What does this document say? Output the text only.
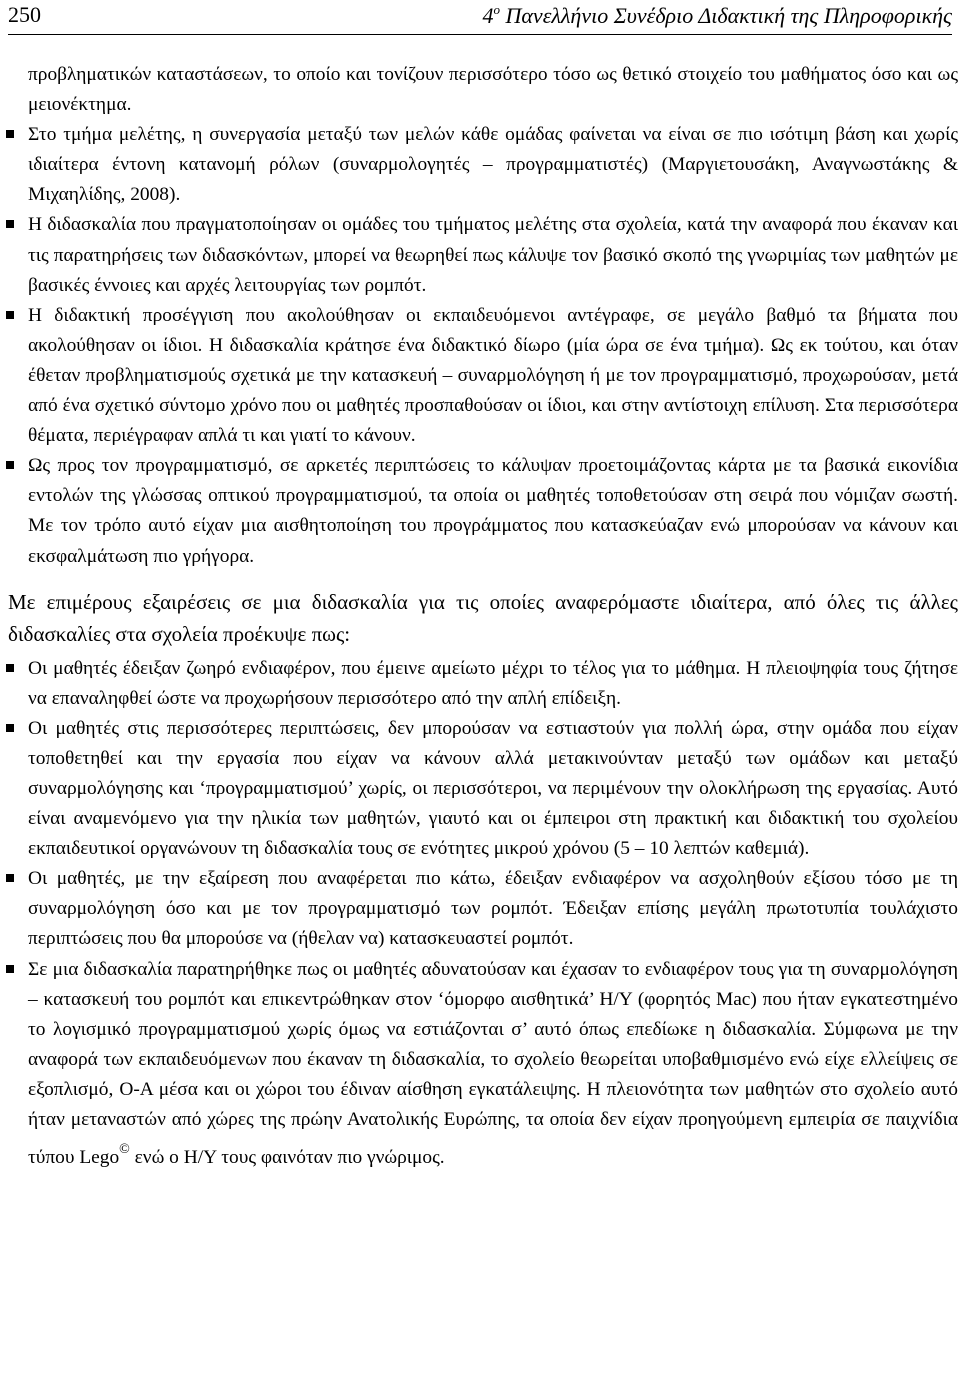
250	$4^o$ Πανελλήνιο Συνέδριο Διδακτική της Πληροφορικής

προβληματικών καταστάσεων, το οποίο και τονίζουν περισσότερο τόσο ως θετικό στοιχείο του μαθήματος όσο και ως μειονέκτημα.

Στο τμήμα μελέτης, η συνεργασία μεταξύ των μελών κάθε ομάδας φαίνεται να είναι σε πιο ισότιμη βάση και χωρίς ιδιαίτερα έντονη κατανομή ρόλων (συναρμολογητές – προγραμματιστές) (Μαργιετουσάκη, Αναγνωστάκης & Μιχαηλίδης, 2008).
Η διδασκαλία που πραγματοποίησαν οι ομάδες του τμήματος μελέτης στα σχολεία, κατά την αναφορά που έκαναν και τις παρατηρήσεις των διδασκόντων, μπορεί να θεωρηθεί πως κάλυψε τον βασικό σκοπό της γνωριμίας των μαθητών με βασικές έννοιες και αρχές λειτουργίας των ρομπότ.
Η διδακτική προσέγγιση που ακολούθησαν οι εκπαιδευόμενοι αντέγραφε, σε μεγάλο βαθμό τα βήματα που ακολούθησαν οι ίδιοι. Η διδασκαλία κράτησε ένα διδακτικό δίωρο (μία ώρα σε ένα τμήμα). Ως εκ τούτου, και όταν έθεταν προβληματισμούς σχετικά με την κατασκευή – συναρμολόγηση ή με τον προγραμματισμό, προχωρούσαν, μετά από ένα σχετικό σύντομο χρόνο που οι μαθητές προσπαθούσαν οι ίδιοι, και στην αντίστοιχη επίλυση. Στα περισσότερα θέματα, περιέγραφαν απλά τι και γιατί το κάνουν.
Ως προς τον προγραμματισμό, σε αρκετές περιπτώσεις το κάλυψαν προετοιμάζοντας κάρτα με τα βασικά εικονίδια εντολών της γλώσσας οπτικού προγραμματισμού, τα οποία οι μαθητές τοποθετούσαν στη σειρά που νόμιζαν σωστή. Με τον τρόπο αυτό είχαν μια αισθητοποίηση του προγράμματος που κατασκεύαζαν ενώ μπορούσαν να κάνουν και εκσφαλμάτωση πιο γρήγορα.

Με επιμέρους εξαιρέσεις σε μια διδασκαλία για τις οποίες αναφερόμαστε ιδιαίτερα, από όλες τις άλλες διδασκαλίες στα σχολεία προέκυψε πως:

Οι μαθητές έδειξαν ζωηρό ενδιαφέρον, που έμεινε αμείωτο μέχρι το τέλος για το μάθημα. Η πλειοψηφία τους ζήτησε να επαναληφθεί ώστε να προχωρήσουν περισσότερο από την απλή επίδειξη.
Οι μαθητές στις περισσότερες περιπτώσεις, δεν μπορούσαν να εστιαστούν για πολλή ώρα, στην ομάδα που είχαν τοποθετηθεί και την εργασία που είχαν να κάνουν αλλά μετακινούνταν μεταξύ των ομάδων και μεταξύ συναρμολόγησης και ‘προγραμματισμού’ χωρίς, οι περισσότεροι, να περιμένουν την ολοκλήρωση της εργασίας. Αυτό είναι αναμενόμενο για την ηλικία των μαθητών, γιαυτό και οι έμπειροι στη πρακτική και διδακτική του σχολείου εκπαιδευτικοί οργανώνουν τη διδασκαλία τους σε ενότητες μικρού χρόνου (5 – 10 λεπτών καθεμιά).
Οι μαθητές, με την εξαίρεση που αναφέρεται πιο κάτω, έδειξαν ενδιαφέρον να ασχοληθούν εξίσου τόσο με τη συναρμολόγηση όσο και με τον προγραμματισμό των ρομπότ. Έδειξαν επίσης μεγάλη πρωτοτυπία τουλάχιστο περιπτώσεις που θα μπορούσε να (ήθελαν να) κατασκευαστεί ρομπότ.
Σε μια διδασκαλία παρατηρήθηκε πως οι μαθητές αδυνατούσαν και έχασαν το ενδιαφέρον τους για τη συναρμολόγηση – κατασκευή του ρομπότ και επικεντρώθηκαν στον ‘όμορφο αισθητικά’ Η/Υ (φορητός Mac) που ήταν εγκατεστημένο το λογισμικό προγραμματισμού χωρίς όμως να εστιάζονται σ’ αυτό όπως επεδίωκε η διδασκαλία. Σύμφωνα με την αναφορά των εκπαιδευόμενων που έκαναν τη διδασκαλία, το σχολείο θεωρείται υποβαθμισμένο ενώ είχε ελλείψεις σε εξοπλισμό, Ο-Α μέσα και οι χώροι του έδιναν αίσθηση εγκατάλειψης. Η πλειονότητα των μαθητών στο σχολείο αυτό ήταν μεταναστών από χώρες της πρώην Ανατολικής Ευρώπης, τα οποία δεν είχαν προηγούμενη εμπειρία σε παιχνίδια τύπου Lego© ενώ ο Η/Υ τους φαινόταν πιο γνώριμος.
